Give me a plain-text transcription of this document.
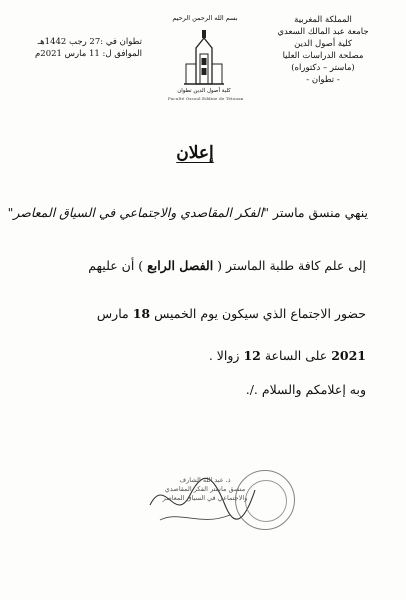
المملكة المغربية
جامعة عبد المالك السعدي
كلية أصول الدين
مصلحة الدراسات العليا
(ماستر – دكتوراه)
- تطوان -
تطوان في :27 رجب 1442هـ
الموافق ل: 11 مارس 2021م
بسم الله الرحمن الرحيم
كلية أصول الدين تطوان
Faculté Ossoul Eddine de Tétouan
إعلان
ينهي منسق ماستر "الفكر المقاصدي والاجتماعي في السياق المعاصر"
إلى علم كافة طلبة الماستر ( الفصل الرابع ) أن عليهم
حضور الاجتماع الذي سيكون يوم الخميس 18 مارس
2021 على الساعة 12 زوالا .
وبه إعلامكم والسلام ./.
ذ. عبد الله الشارف
منسق ماستر الفكر المقاصدي
والاجتماعي في السياق المعاصر
